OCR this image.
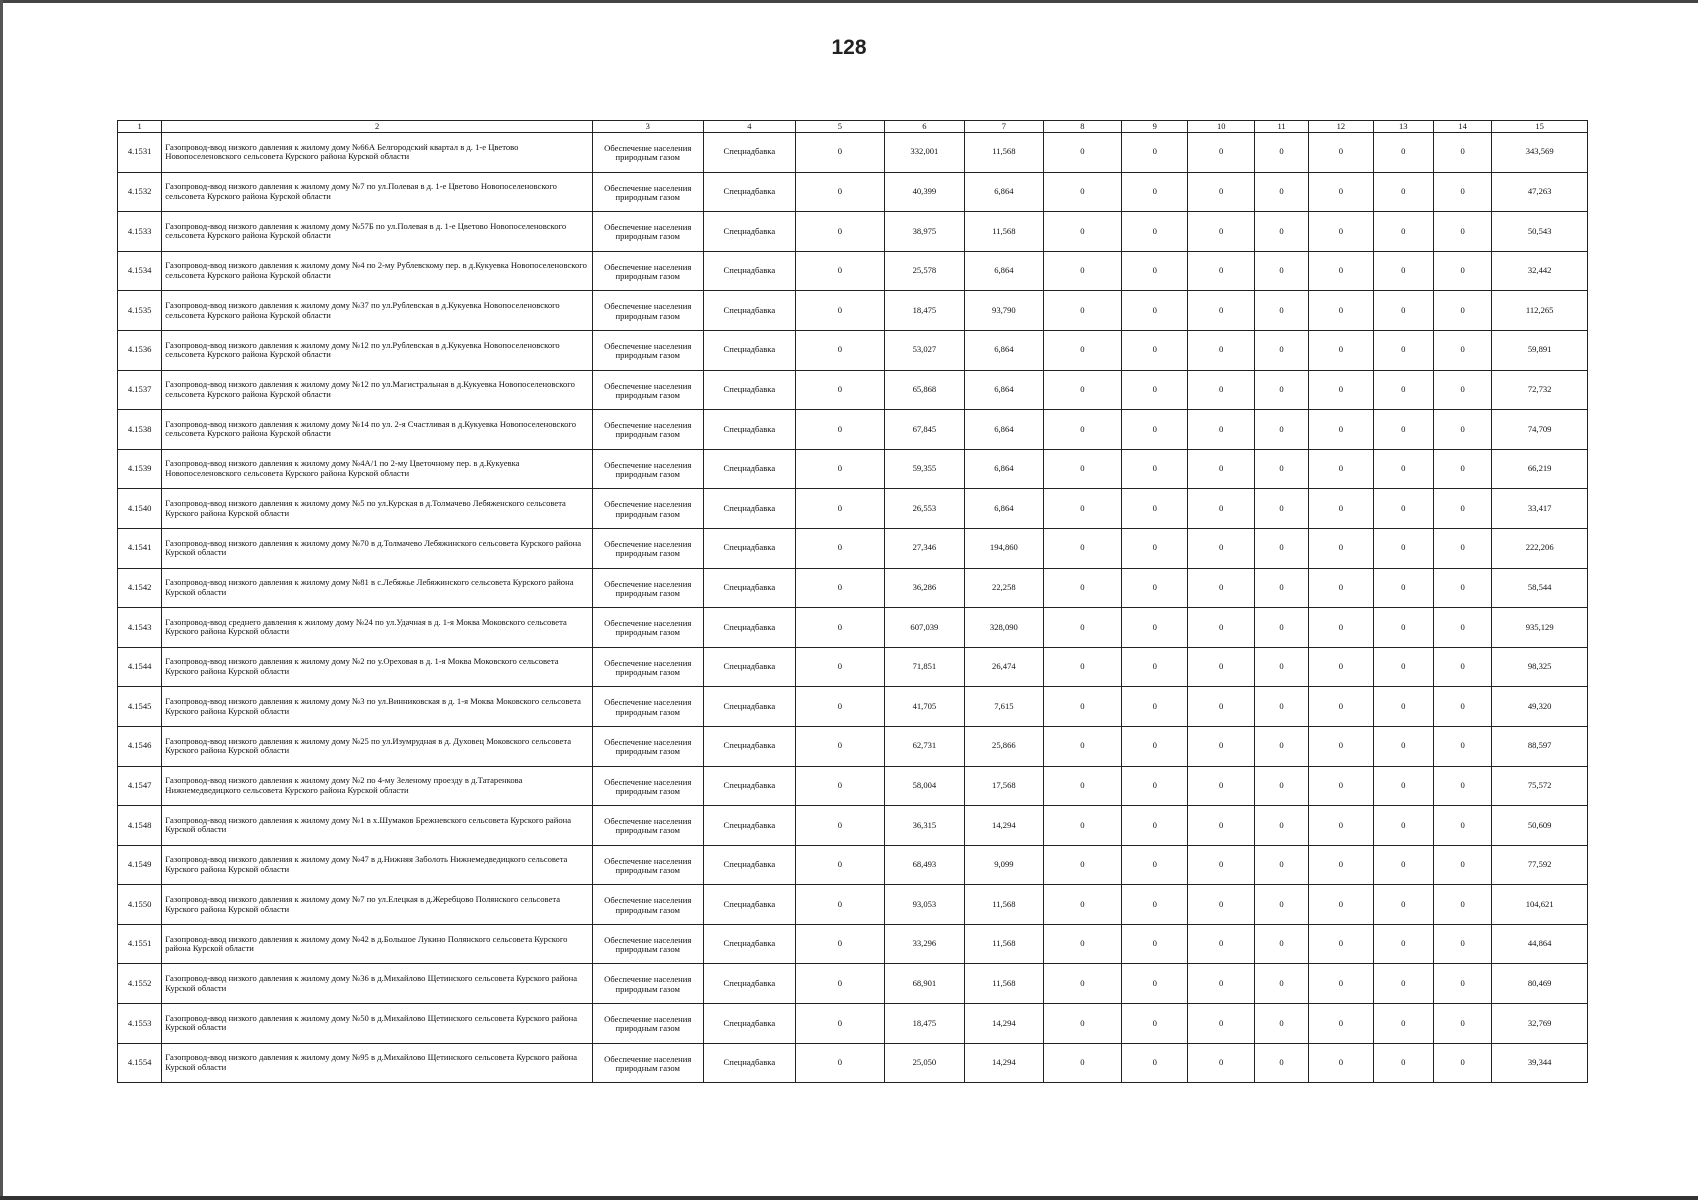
128
1	2	3	4	5	6	7	8	9	10	11	12	13	14	15
4.1531	Газопровод-ввод низкого давления к жилому дому №66А Белгородский квартал в д. 1-е Цветово Новопоселеновского сельсовета Курского района Курской области	Обеспечение населения природным газом	Спецнадбавка	0	332,001	11,568	0	0	0	0	0	0	0	343,569
4.1532	Газопровод-ввод низкого давления к жилому дому №7 по ул.Полевая в д. 1-е Цветово Новопоселеновского сельсовета Курского района Курской области	Обеспечение населения природным газом	Спецнадбавка	0	40,399	6,864	0	0	0	0	0	0	0	47,263
4.1533	Газопровод-ввод низкого давления к жилому дому №57Б по ул.Полевая в д. 1-е Цветово Новопоселеновского сельсовета Курского района Курской области	Обеспечение населения природным газом	Спецнадбавка	0	38,975	11,568	0	0	0	0	0	0	0	50,543
4.1534	Газопровод-ввод низкого давления к жилому дому №4 по 2-му Рублевскому пер. в д.Кукуевка Новопоселеновского сельсовета Курского района Курской области	Обеспечение населения природным газом	Спецнадбавка	0	25,578	6,864	0	0	0	0	0	0	0	32,442
4.1535	Газопровод-ввод низкого давления к жилому дому №37 по ул.Рублевская в д.Кукуевка Новопоселеновского сельсовета Курского района Курской области	Обеспечение населения природным газом	Спецнадбавка	0	18,475	93,790	0	0	0	0	0	0	0	112,265
4.1536	Газопровод-ввод низкого давления к жилому дому №12 по ул.Рублевская в д.Кукуевка Новопоселеновского сельсовета Курского района Курской области	Обеспечение населения природным газом	Спецнадбавка	0	53,027	6,864	0	0	0	0	0	0	0	59,891
4.1537	Газопровод-ввод низкого давления к жилому дому №12 по ул.Магистральная в д.Кукуевка Новопоселеновского сельсовета Курского района Курской области	Обеспечение населения природным газом	Спецнадбавка	0	65,868	6,864	0	0	0	0	0	0	0	72,732
4.1538	Газопровод-ввод низкого давления к жилому дому №14 по ул. 2-я Счастливая в д.Кукуевка Новопоселеновского сельсовета Курского района Курской области	Обеспечение населения природным газом	Спецнадбавка	0	67,845	6,864	0	0	0	0	0	0	0	74,709
4.1539	Газопровод-ввод низкого давления к жилому дому №4А/1 по 2-му Цветочному пер. в д.Кукуевка Новопоселеновского сельсовета Курского района Курской области	Обеспечение населения природным газом	Спецнадбавка	0	59,355	6,864	0	0	0	0	0	0	0	66,219
4.1540	Газопровод-ввод низкого давления к жилому дому №5 по ул.Курская в д.Толмачево Лебяженского сельсовета Курского района Курской области	Обеспечение населения природным газом	Спецнадбавка	0	26,553	6,864	0	0	0	0	0	0	0	33,417
4.1541	Газопровод-ввод низкого давления к жилому дому №70 в д.Толмачево Лебяжинского сельсовета Курского района Курской области	Обеспечение населения природным газом	Спецнадбавка	0	27,346	194,860	0	0	0	0	0	0	0	222,206
4.1542	Газопровод-ввод низкого давления к жилому дому №81 в с.Лебяжье Лебяжинского сельсовета Курского района Курской области	Обеспечение населения природным газом	Спецнадбавка	0	36,286	22,258	0	0	0	0	0	0	0	58,544
4.1543	Газопровод-ввод среднего давления к жилому дому №24 по ул.Удачная в д. 1-я Моква Моковского сельсовета Курского района Курской области	Обеспечение населения природным газом	Спецнадбавка	0	607,039	328,090	0	0	0	0	0	0	0	935,129
4.1544	Газопровод-ввод низкого давления к жилому дому №2 по у.Ореховая в д. 1-я Моква Моковского сельсовета Курского района Курской области	Обеспечение населения природным газом	Спецнадбавка	0	71,851	26,474	0	0	0	0	0	0	0	98,325
4.1545	Газопровод-ввод низкого давления к жилому дому №3 по ул.Винниковская в д. 1-я Моква Моковского сельсовета Курского района Курской области	Обеспечение населения природным газом	Спецнадбавка	0	41,705	7,615	0	0	0	0	0	0	0	49,320
4.1546	Газопровод-ввод низкого давления к жилому дому №25 по ул.Изумрудная в д. Духовец Моковского сельсовета Курского района Курской области	Обеспечение населения природным газом	Спецнадбавка	0	62,731	25,866	0	0	0	0	0	0	0	88,597
4.1547	Газопровод-ввод низкого давления к жилому дому №2 по 4-му Зеленому проезду в д.Татаренкова Нижнемедведицкого сельсовета Курского района Курской области	Обеспечение населения природным газом	Спецнадбавка	0	58,004	17,568	0	0	0	0	0	0	0	75,572
4.1548	Газопровод-ввод низкого давления к жилому дому №1 в х.Шумаков Брежневского сельсовета Курского района Курской области	Обеспечение населения природным газом	Спецнадбавка	0	36,315	14,294	0	0	0	0	0	0	0	50,609
4.1549	Газопровод-ввод низкого давления к жилому дому №47 в д.Нижняя Заболоть Нижнемедведицкого сельсовета Курского района Курской области	Обеспечение населения природным газом	Спецнадбавка	0	68,493	9,099	0	0	0	0	0	0	0	77,592
4.1550	Газопровод-ввод низкого давления к жилому дому №7 по ул.Елецкая в д.Жеребцово Полянского сельсовета Курского района Курской области	Обеспечение населения природным газом	Спецнадбавка	0	93,053	11,568	0	0	0	0	0	0	0	104,621
4.1551	Газопровод-ввод низкого давления к жилому дому №42 в д.Большое Лукино Полянского сельсовета Курского района Курской области	Обеспечение населения природным газом	Спецнадбавка	0	33,296	11,568	0	0	0	0	0	0	0	44,864
4.1552	Газопровод-ввод низкого давления к жилому дому №36 в д.Михайлово Щетинского сельсовета Курского района Курской области	Обеспечение населения природным газом	Спецнадбавка	0	68,901	11,568	0	0	0	0	0	0	0	80,469
4.1553	Газопровод-ввод низкого давления к жилому дому №50 в д.Михайлово Щетинского сельсовета Курского района Курской области	Обеспечение населения природным газом	Спецнадбавка	0	18,475	14,294	0	0	0	0	0	0	0	32,769
4.1554	Газопровод-ввод низкого давления к жилому дому №95 в д.Михайлово Щетинского сельсовета Курского района Курской области	Обеспечение населения природным газом	Спецнадбавка	0	25,050	14,294	0	0	0	0	0	0	0	39,344
